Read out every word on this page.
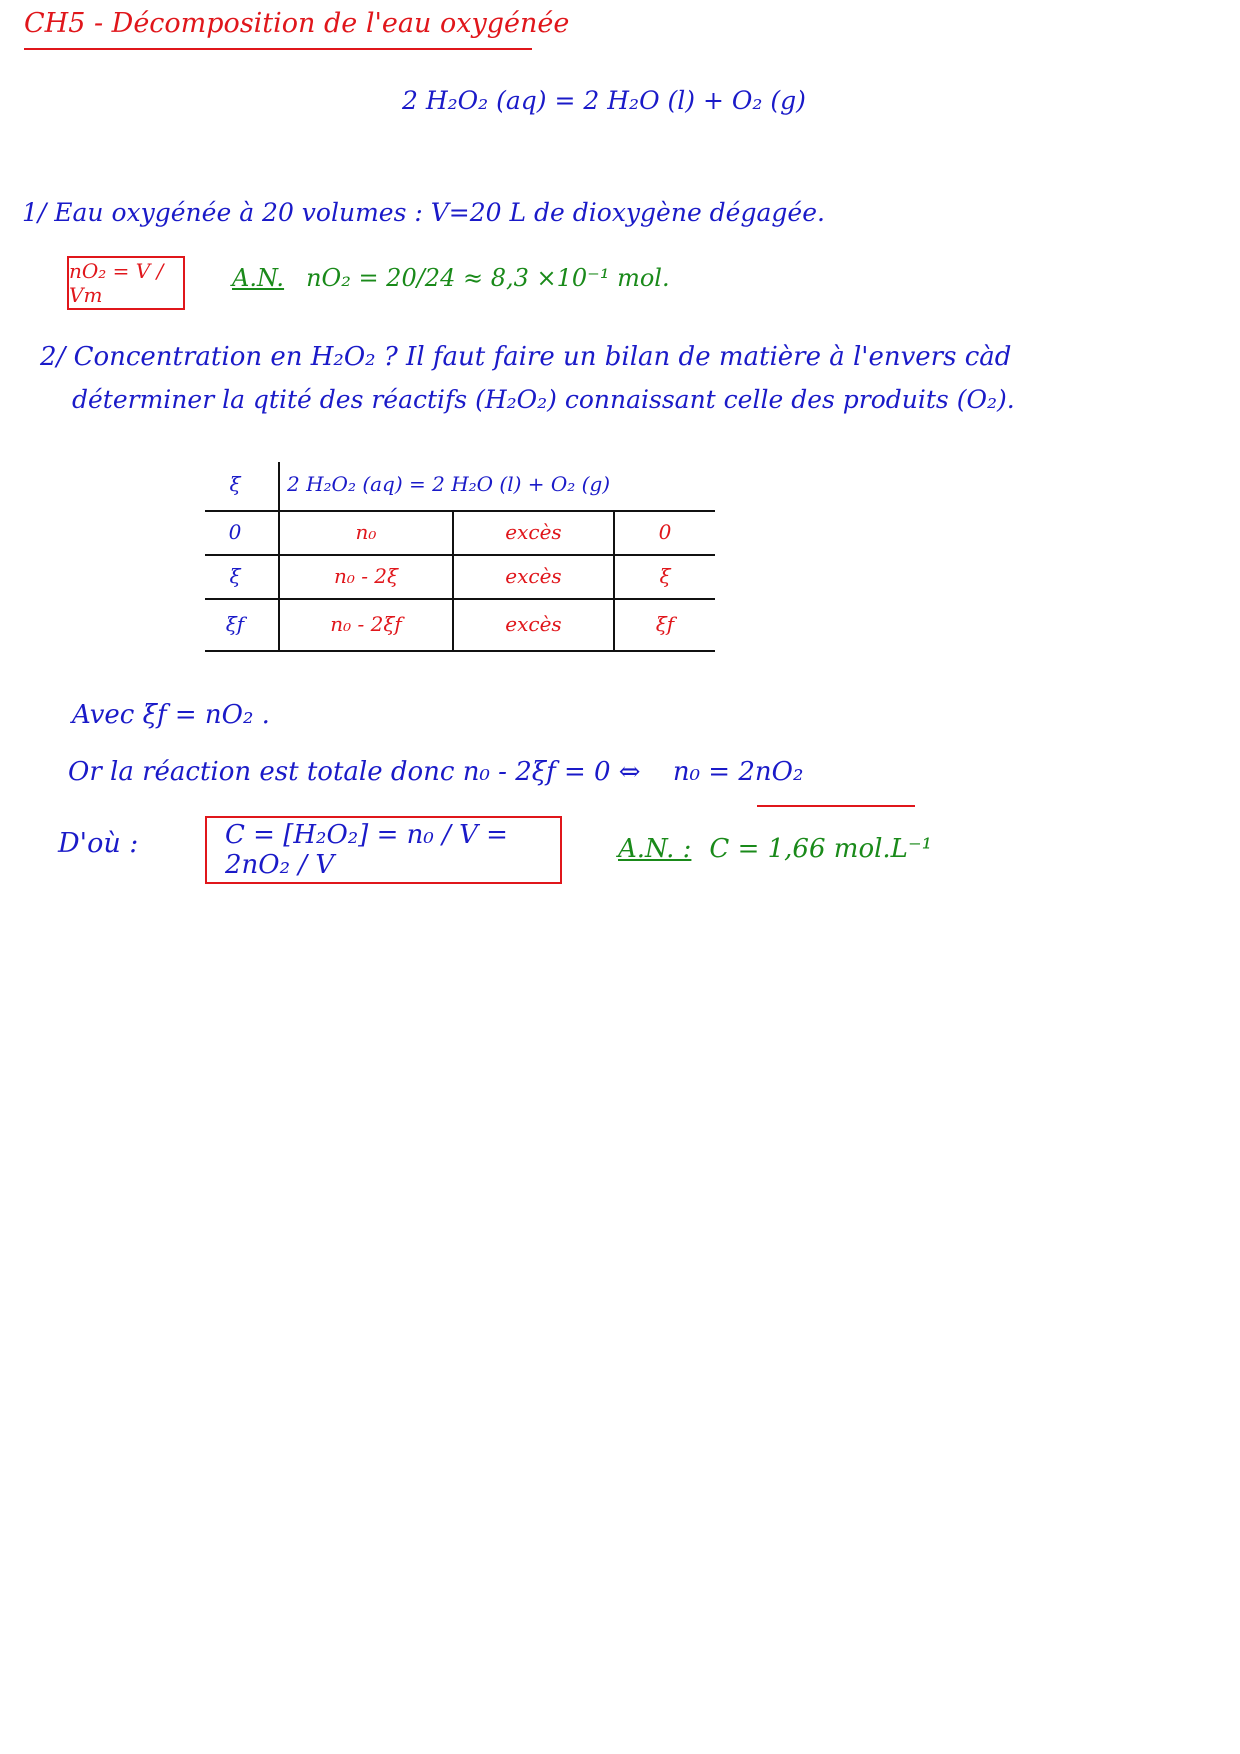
CH5 - Décomposition de l'eau oxygénée
2 H₂O₂ (aq) = 2 H₂O (l) + O₂ (g)
1/ Eau oxygénée à 20 volumes : V=20 L de dioxygène dégagée.
nO₂ = V / Vm
A.N. nO₂ = 20/24 ≈ 8,3 ×10⁻¹ mol.
2/ Concentration en H₂O₂ ? Il faut faire un bilan de matière à l'envers càd
déterminer la qtité des réactifs (H₂O₂) connaissant celle des produits (O₂).
ξ	2 H₂O₂ (aq) = 2 H₂O (l) + O₂ (g)
0	n₀	excès	0
ξ	n₀ - 2ξ	excès	ξ
ξf	n₀ - 2ξf	excès	ξf
Avec ξf = nO₂ .
Or la réaction est totale donc n₀ - 2ξf = 0 ⇔ n₀ = 2nO₂
D'où :	C = [H₂O₂] = n₀ / V = 2nO₂ / V
A.N. : C = 1,66 mol.L⁻¹
